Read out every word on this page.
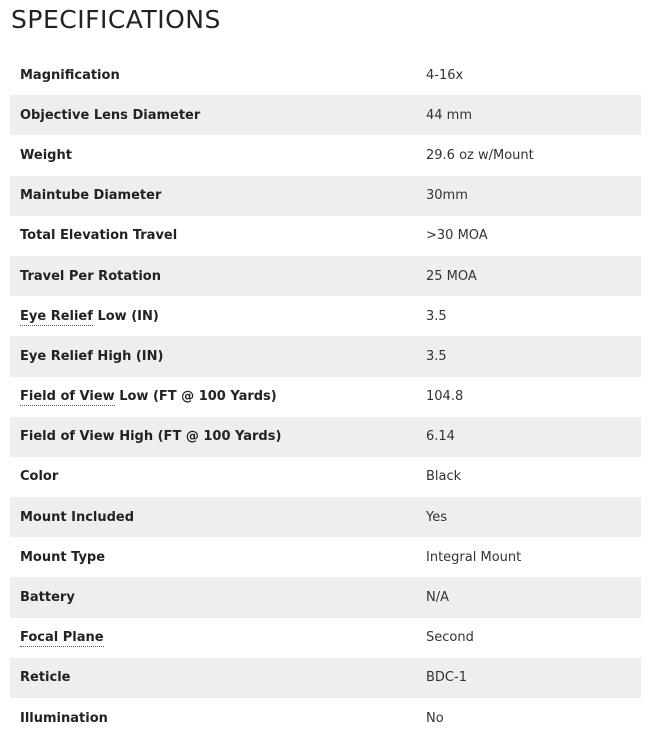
SPECIFICATIONS
Magnification	4-16x
Objective Lens Diameter	44 mm
Weight	29.6 oz w/Mount
Maintube Diameter	30mm
Total Elevation Travel	>30 MOA
Travel Per Rotation	25 MOA
Eye Relief Low (IN)	3.5
Eye Relief High (IN)	3.5
Field of View Low (FT @ 100 Yards)	104.8
Field of View High (FT @ 100 Yards)	6.14
Color	Black
Mount Included	Yes
Mount Type	Integral Mount
Battery	N/A
Focal Plane	Second
Reticle	BDC-1
Illumination	No
